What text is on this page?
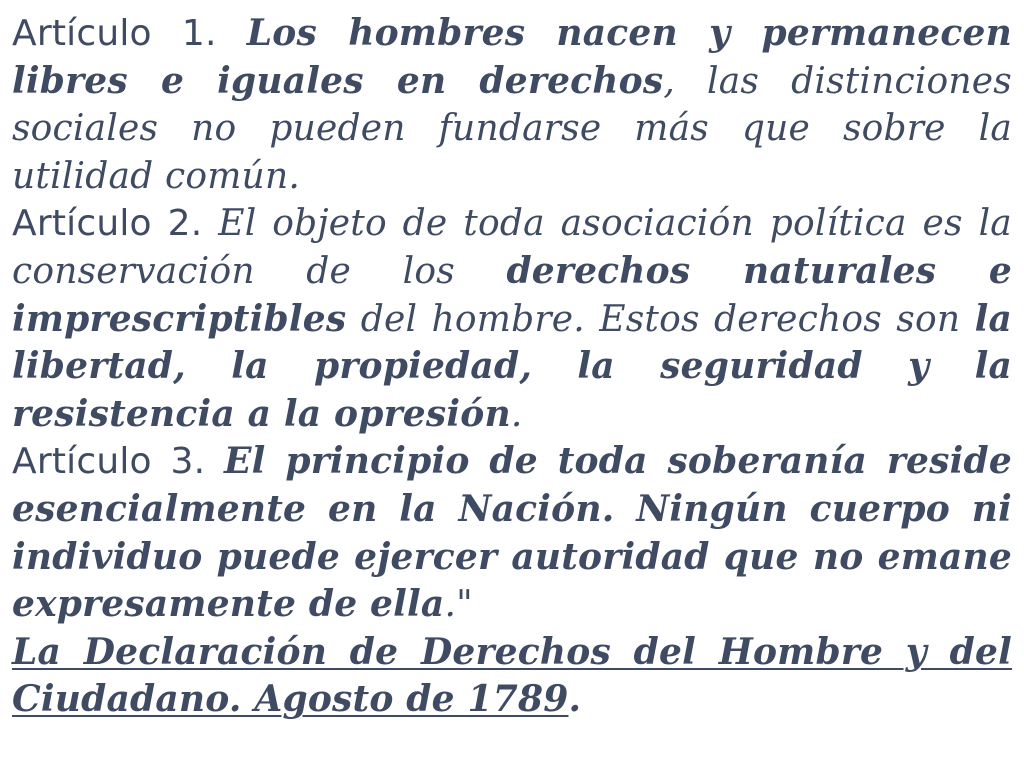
Artículo 1. Los hombres nacen y permanecen libres e iguales en derechos, las distinciones sociales no pueden fundarse más que sobre la utilidad común.

Artículo 2. El objeto de toda asociación política es la conservación de los derechos naturales e imprescriptibles del hombre. Estos derechos son la libertad, la propiedad, la seguridad y la resistencia a la opresión.

Artículo 3. El principio de toda soberanía reside esencialmente en la Nación. Ningún cuerpo ni individuo puede ejercer autoridad que no emane expresamente de ella."

La Declaración de Derechos del Hombre y del Ciudadano. Agosto de 1789.
